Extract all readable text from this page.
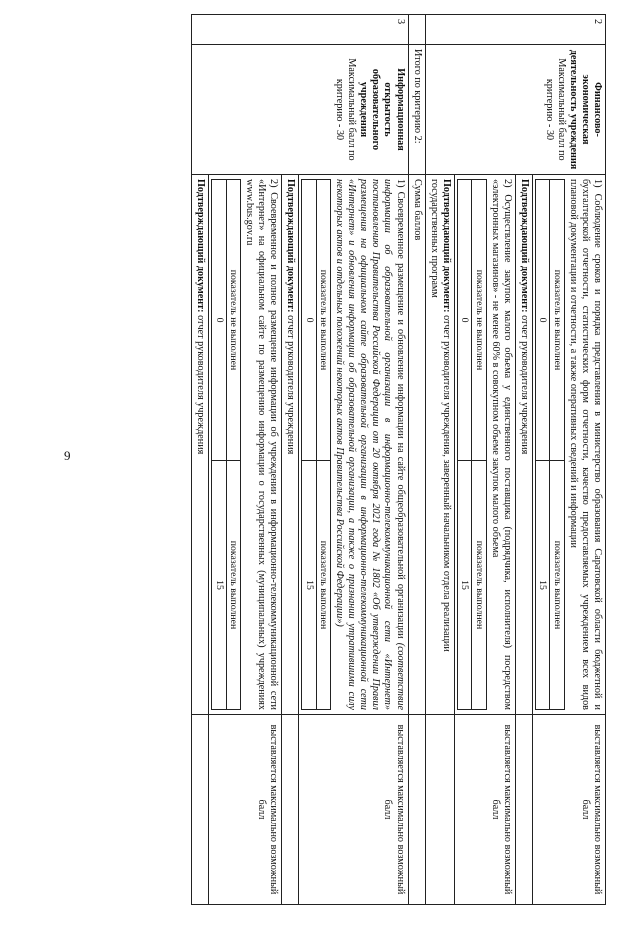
9
2	
Финансово-экономическая деятельность учреждения
Максимальный балл по критерию - 30

1) Соблюдение сроков и порядка представления в министерство образования Саратовской области бюджетной и бухгалтерской отчетности, статистических форм отчетности, качество предоставляемых учреждением всех видов плановой документации и отчетности, а также оперативных сведений и информации

показатель не выполнен	показатель выполнен
0	15
	выставляется максимально возможный балл
Подтверждающий документ: отчет руководителя учреждения	

2) Осуществление закупок малого объема у единственного поставщика (подрядчика, исполнителя) посредством «электронных магазинов» - не менее 60% в совокупном объеме закупок малого объема

показатель не выполнен	показатель выполнен
0	15
	выставляется максимально возможный балл
Подтверждающий документ: отчет руководителя учреждения, заверенный начальником отдела реализации государственных программ	
	Итого по критерию 2:	Сумма баллов	
3	
Информационная открытость образовательного учреждения
Максимальный балл по критерию - 30

1) Своевременное размещение и обновление информации на сайте общеобразовательной организации (соответствие информации об образовательной организации в информационно-телекоммуникационной сети «Интернет» постановлению Правительства Российской Федерации от 20 октября 2021 года № 1802 «Об утверждении Правил размещения на официальном сайте образовательной организации в информационно-телекоммуникационной сети «Интернет» и обновления информации об образовательной организации, а также о признании утратившими силу некоторых актов и отдельных положений некоторых актов Правительства Российской Федерации»)

показатель не выполнен	показатель выполнен
0	15
	выставляется максимально возможный балл
Подтверждающий документ: отчет руководителя учреждения	

2) Своевременное и полное размещение информации об учреждении в информационно-телекоммуникационной сети «Интернет» на официальном сайте по размещению информации о государственных (муниципальных) учреждениях www.bus.gov.ru

показатель не выполнен	показатель выполнен
0	15
	выставляется максимально возможный балл
Подтверждающий документ: отчет руководителя учреждения	
